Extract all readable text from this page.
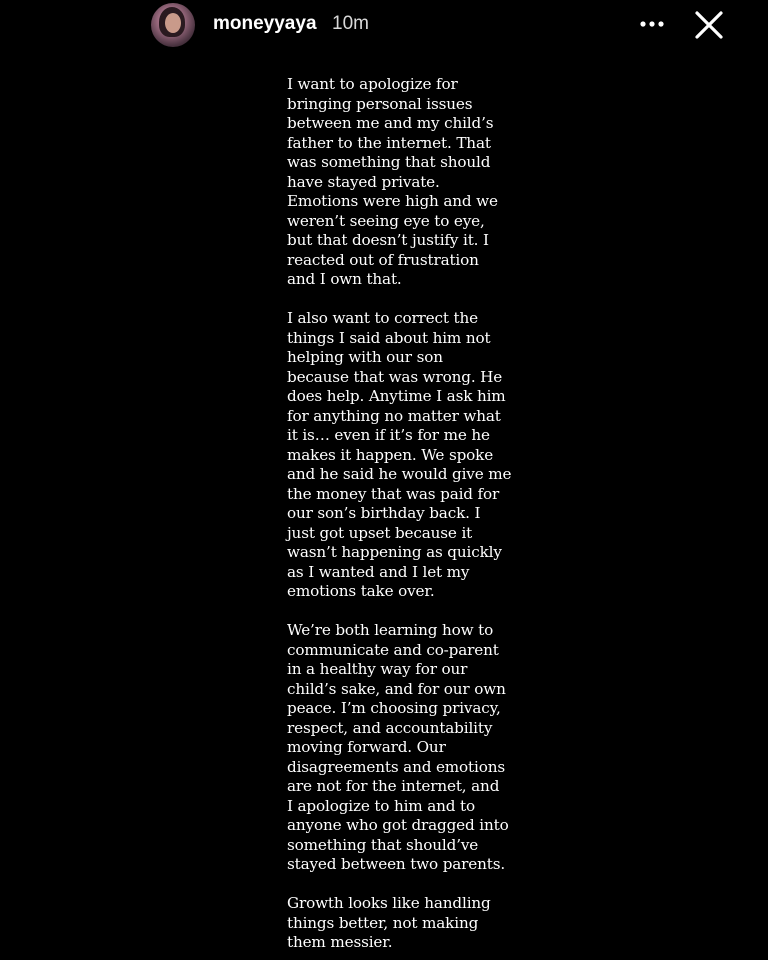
moneyyaya 10m

I want to apologize for
bringing personal issues
between me and my child’s
father to the internet. That
was something that should
have stayed private.
Emotions were high and we
weren’t seeing eye to eye,
but that doesn’t justify it. I
reacted out of frustration
and I own that.

I also want to correct the
things I said about him not
helping with our son
because that was wrong. He
does help. Anytime I ask him
for anything no matter what
it is… even if it’s for me he
makes it happen. We spoke
and he said he would give me
the money that was paid for
our son’s birthday back. I
just got upset because it
wasn’t happening as quickly
as I wanted and I let my
emotions take over.

We’re both learning how to
communicate and co-parent
in a healthy way for our
child’s sake, and for our own
peace. I’m choosing privacy,
respect, and accountability
moving forward. Our
disagreements and emotions
are not for the internet, and
I apologize to him and to
anyone who got dragged into
something that should’ve
stayed between two parents.

Growth looks like handling
things better, not making
them messier.
